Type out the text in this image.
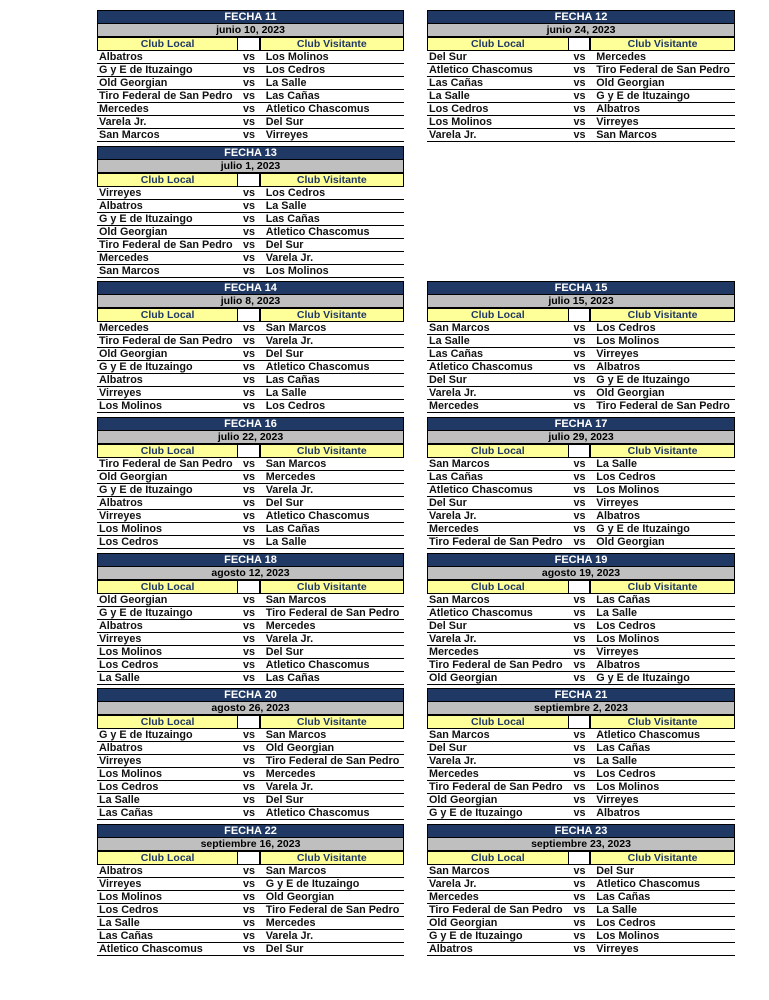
FECHA 11
junio 10, 2023
Club Local	Club Visitante
Albatros	vs Los Molinos
G y E de Ituzaingo	vs Los Cedros
Old Georgian	vs La Salle
Tiro Federal de San Pedro vs Las Cañas
Mercedes	vs Atletico Chascomus
Varela Jr.	vs Del Sur
San Marcos	vs Virreyes
FECHA 12
junio 24, 2023
Club Local	Club Visitante
Del Sur	vs Mercedes
Atletico Chascomus	vs Tiro Federal de San Pedro
Las Cañas	vs Old Georgian
La Salle	vs G y E de Ituzaingo
Los Cedros	vs Albatros
Los Molinos	vs Virreyes
Varela Jr.	vs San Marcos
FECHA 13
julio 1, 2023
Club Local	Club Visitante
Virreyes	vs Los Cedros
Albatros	vs La Salle
G y E de Ituzaingo	vs Las Cañas
Old Georgian	vs Atletico Chascomus
Tiro Federal de San Pedro vs Del Sur
Mercedes	vs Varela Jr.
San Marcos	vs Los Molinos
FECHA 14
julio 8, 2023
Club Local	Club Visitante
Mercedes	vs San Marcos
Tiro Federal de San Pedro vs Varela Jr.
Old Georgian	vs Del Sur
G y E de Ituzaingo	vs Atletico Chascomus
Albatros	vs Las Cañas
Virreyes	vs La Salle
Los Molinos	vs Los Cedros
FECHA 15
julio 15, 2023
Club Local	Club Visitante
San Marcos	vs Los Cedros
La Salle	vs Los Molinos
Las Cañas	vs Virreyes
Atletico Chascomus	vs Albatros
Del Sur	vs G y E de Ituzaingo
Varela Jr.	vs Old Georgian
Mercedes	vs Tiro Federal de San Pedro
FECHA 16
julio 22, 2023
Club Local	Club Visitante
Tiro Federal de San Pedro vs San Marcos
Old Georgian	vs Mercedes
G y E de Ituzaingo	vs Varela Jr.
Albatros	vs Del Sur
Virreyes	vs Atletico Chascomus
Los Molinos	vs Las Cañas
Los Cedros	vs La Salle
FECHA 17
julio 29, 2023
Club Local	Club Visitante
San Marcos	vs La Salle
Las Cañas	vs Los Cedros
Atletico Chascomus	vs Los Molinos
Del Sur	vs Virreyes
Varela Jr.	vs Albatros
Mercedes	vs G y E de Ituzaingo
Tiro Federal de San Pedro	vs Old Georgian
FECHA 18
agosto 12, 2023
Club Local	Club Visitante
Old Georgian	vs San Marcos
G y E de Ituzaingo	vs Tiro Federal de San Pedro
Albatros	vs Mercedes
Virreyes	vs Varela Jr.
Los Molinos	vs Del Sur
Los Cedros	vs Atletico Chascomus
La Salle	vs Las Cañas
FECHA 19
agosto 19, 2023
Club Local	Club Visitante
San Marcos	vs Las Cañas
Atletico Chascomus	vs La Salle
Del Sur	vs Los Cedros
Varela Jr.	vs Los Molinos
Mercedes	vs Virreyes
Tiro Federal de San Pedro	vs Albatros
Old Georgian	vs G y E de Ituzaingo
FECHA 20
agosto 26, 2023
Club Local	Club Visitante
G y E de Ituzaingo	vs San Marcos
Albatros	vs Old Georgian
Virreyes	vs Tiro Federal de San Pedro
Los Molinos	vs Mercedes
Los Cedros	vs Varela Jr.
La Salle	vs Del Sur
Las Cañas	vs Atletico Chascomus
FECHA 21
septiembre 2, 2023
Club Local	Club Visitante
San Marcos	vs Atletico Chascomus
Del Sur	vs Las Cañas
Varela Jr.	vs La Salle
Mercedes	vs Los Cedros
Tiro Federal de San Pedro	vs Los Molinos
Old Georgian	vs Virreyes
G y E de Ituzaingo	vs Albatros
FECHA 22
septiembre 16, 2023
Club Local	Club Visitante
Albatros	vs San Marcos
Virreyes	vs G y E de Ituzaingo
Los Molinos	vs Old Georgian
Los Cedros	vs Tiro Federal de San Pedro
La Salle	vs Mercedes
Las Cañas	vs Varela Jr.
Atletico Chascomus	vs Del Sur
FECHA 23
septiembre 23, 2023
Club Local	Club Visitante
San Marcos	vs Del Sur
Varela Jr.	vs Atletico Chascomus
Mercedes	vs Las Cañas
Tiro Federal de San Pedro	vs La Salle
Old Georgian	vs Los Cedros
G y E de Ituzaingo	vs Los Molinos
Albatros	vs Virreyes
